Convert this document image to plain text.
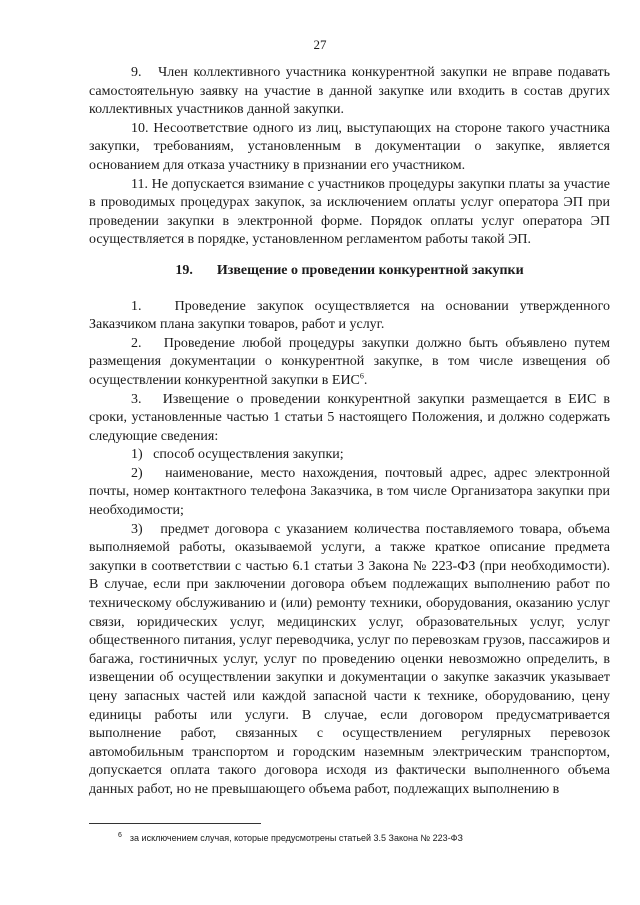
27

9.   Член коллективного участника конкурентной закупки не вправе подавать самостоятельную заявку на участие в данной закупке или входить в состав других коллективных участников данной закупки.

10. Несоответствие одного из лиц, выступающих на стороне такого участника закупки, требованиям, установленным в документации о закупке, является основанием для отказа участнику в признании его участником.

11. Не допускается взимание с участников процедуры закупки платы за участие в проводимых процедурах закупок, за исключением оплаты услуг оператора ЭП при проведении закупки в электронной форме. Порядок оплаты услуг оператора ЭП осуществляется в порядке, установленном регламентом работы такой ЭП.

19. Извещение о проведении конкурентной закупки

1.   Проведение закупок осуществляется на основании утвержденного Заказчиком плана закупки товаров, работ и услуг.

2.   Проведение любой процедуры закупки должно быть объявлено путем размещения документации о конкурентной закупке, в том числе извещения об осуществлении конкурентной закупки в ЕИС$^6$.

3.   Извещение о проведении конкурентной закупки размещается в ЕИС в сроки, установленные частью 1 статьи 5 настоящего Положения, и должно содержать следующие сведения:

1)   способ осуществления закупки;

2)   наименование, место нахождения, почтовый адрес, адрес электронной почты, номер контактного телефона Заказчика, в том числе Организатора закупки при необходимости;

3)   предмет договора с указанием количества поставляемого товара, объема выполняемой работы, оказываемой услуги, а также краткое описание предмета закупки в соответствии с частью 6.1 статьи 3 Закона № 223-ФЗ (при необходимости). В случае, если при заключении договора объем подлежащих выполнению работ по техническому обслуживанию и (или) ремонту техники, оборудования, оказанию услуг связи, юридических услуг, медицинских услуг, образовательных услуг, услуг общественного питания, услуг переводчика, услуг по перевозкам грузов, пассажиров и багажа, гостиничных услуг, услуг по проведению оценки невозможно определить, в извещении об осуществлении закупки и документации о закупке заказчик указывает цену запасных частей или каждой запасной части к технике, оборудованию, цену единицы работы или услуги. В случае, если договором предусматривается выполнение работ, связанных с осуществлением регулярных перевозок автомобильным транспортом и городским наземным электрическим транспортом, допускается оплата такого договора исходя из фактически выполненного объема данных работ, но не превышающего объема работ, подлежащих выполнению в

$^6$ за исключением случая, которые предусмотрены статьей 3.5 Закона № 223-ФЗ
